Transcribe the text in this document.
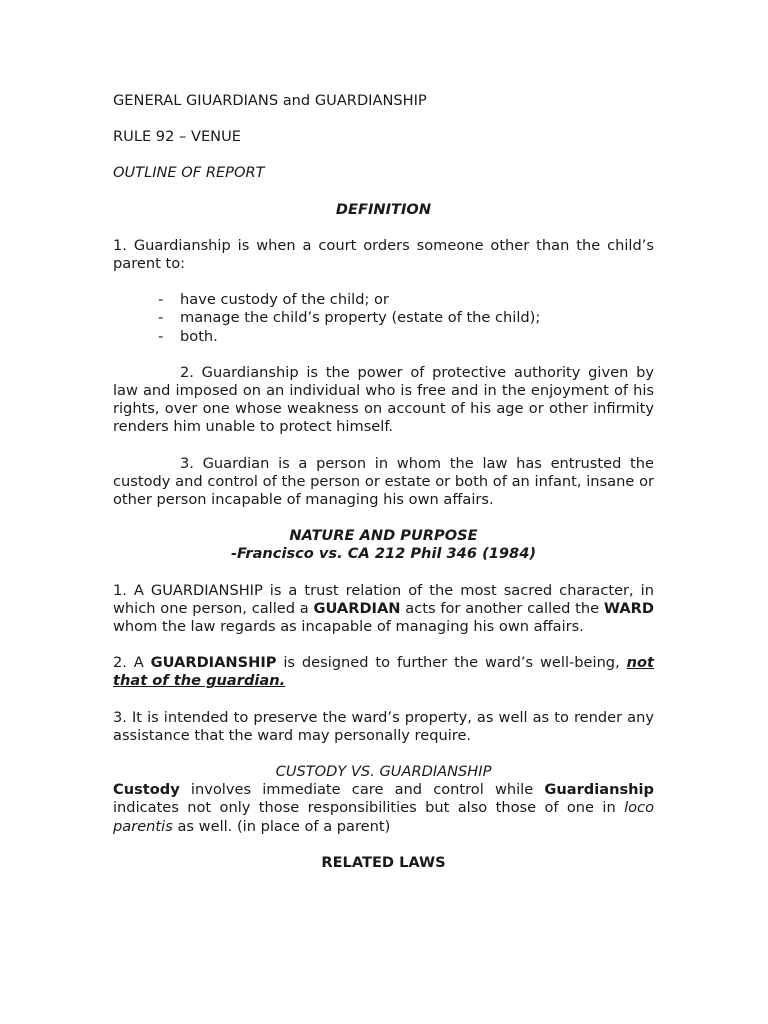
GENERAL GIUARDIANS and GUARDIANSHIP

RULE 92 – VENUE

OUTLINE OF REPORT

DEFINITION

1. Guardianship is when a court orders someone other than the child’s parent to:

- have custody of the child; or
- manage the child’s property (estate of the child);
- both.

2. Guardianship is the power of protective authority given by law and imposed on an individual who is free and in the enjoyment of his rights, over one whose weakness on account of his age or other infirmity renders him unable to protect himself.

3. Guardian is a person in whom the law has entrusted the custody and control of the person or estate or both of an infant, insane or other person incapable of managing his own affairs.

NATURE AND PURPOSE

-Francisco vs. CA 212 Phil 346 (1984)

1. A GUARDIANSHIP is a trust relation of the most sacred character, in which one person, called a GUARDIAN acts for another called the WARD whom the law regards as incapable of managing his own affairs.

2. A GUARDIANSHIP is designed to further the ward’s well-being, not that of the guardian.

3. It is intended to preserve the ward’s property, as well as to render any assistance that the ward may personally require.

CUSTODY VS. GUARDIANSHIP

Custody involves immediate care and control while Guardianship indicates not only those responsibilities but also those of one in loco parentis as well. (in place of a parent)

RELATED LAWS
